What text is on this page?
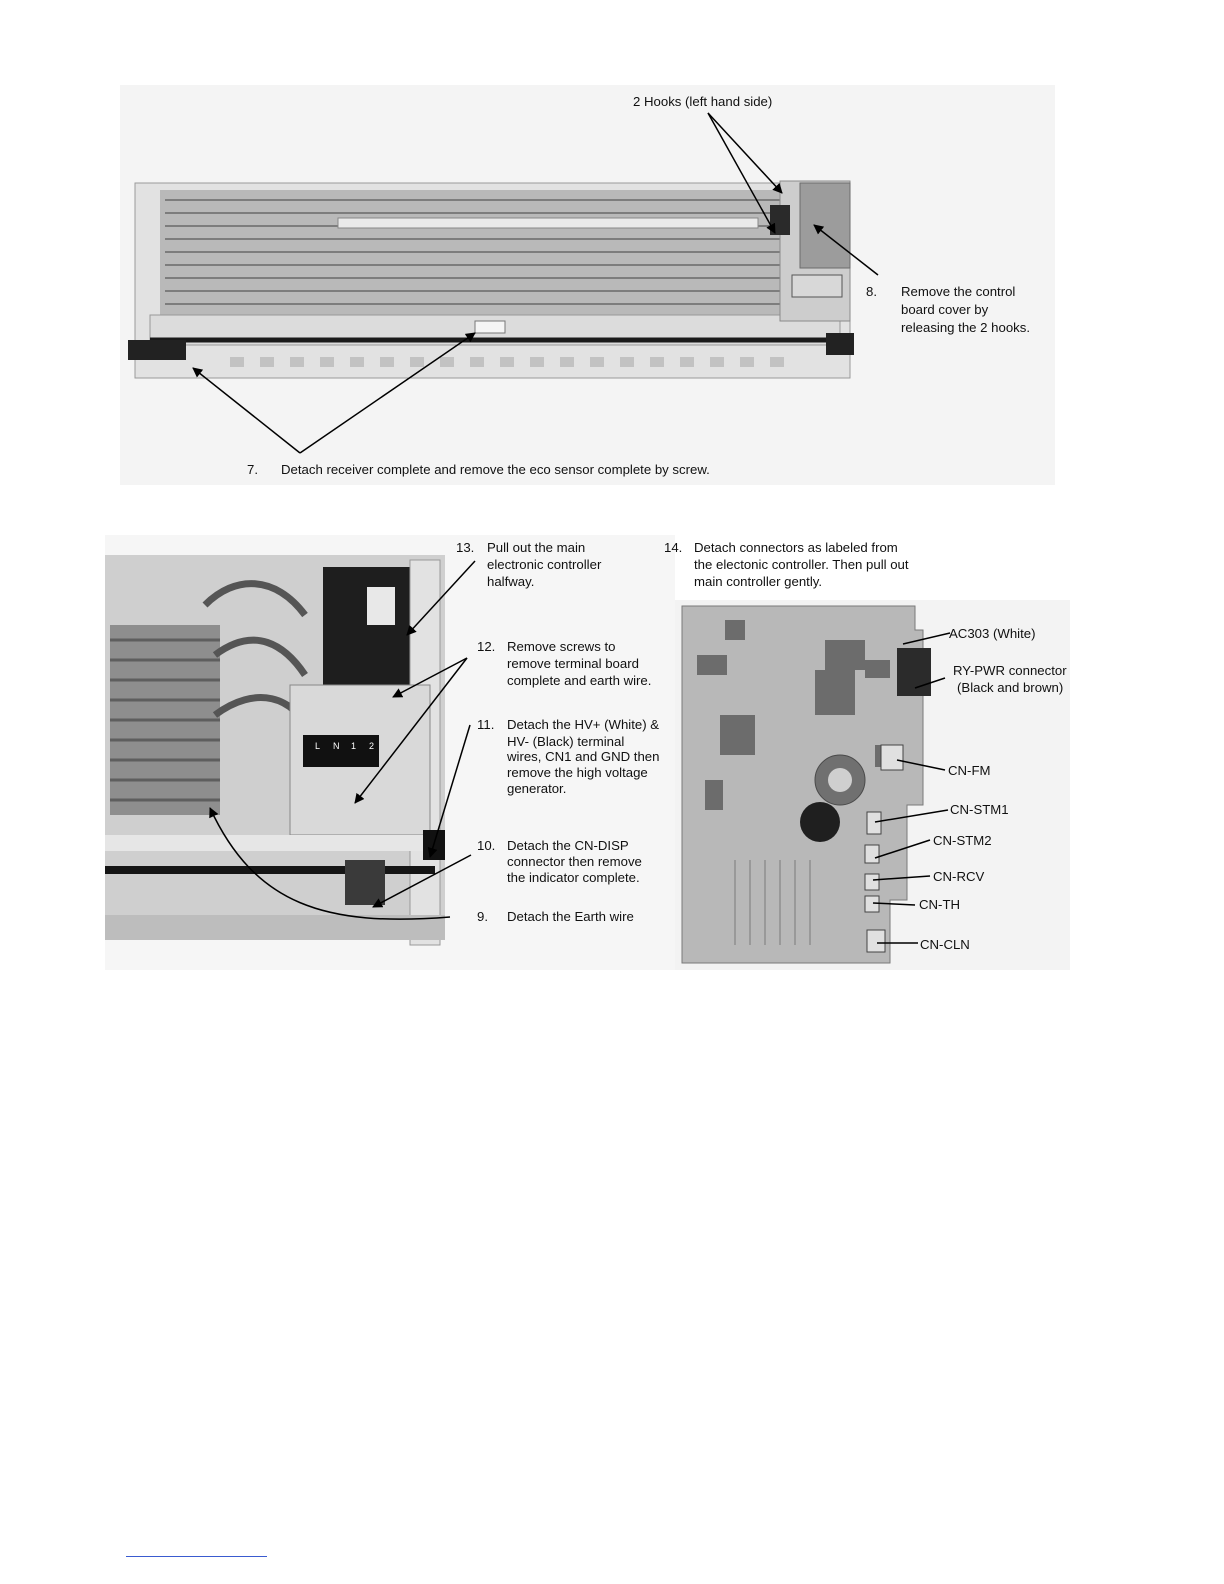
2 Hooks (left hand side)
8. Remove the control
board cover by
releasing the 2 hooks.
7. Detach receiver complete and remove the eco sensor complete by screw.
L N 1 2
13. Pull out the main
electronic controller
halfway.
12. Remove screws to
remove terminal board
complete and earth wire.
11. Detach the HV+ (White) &
HV- (Black) terminal
wires, CN1 and GND then
remove the high voltage
generator.
10. Detach the CN-DISP
connector then remove
the indicator complete.
9. Detach the Earth wire
14. Detach connectors as labeled from
the electonic controller. Then pull out
main controller gently.
AC303 (White)
RY-PWR connector
(Black and brown)
CN-FM
CN-STM1
CN-STM2
CN-RCV
CN-TH
CN-CLN
